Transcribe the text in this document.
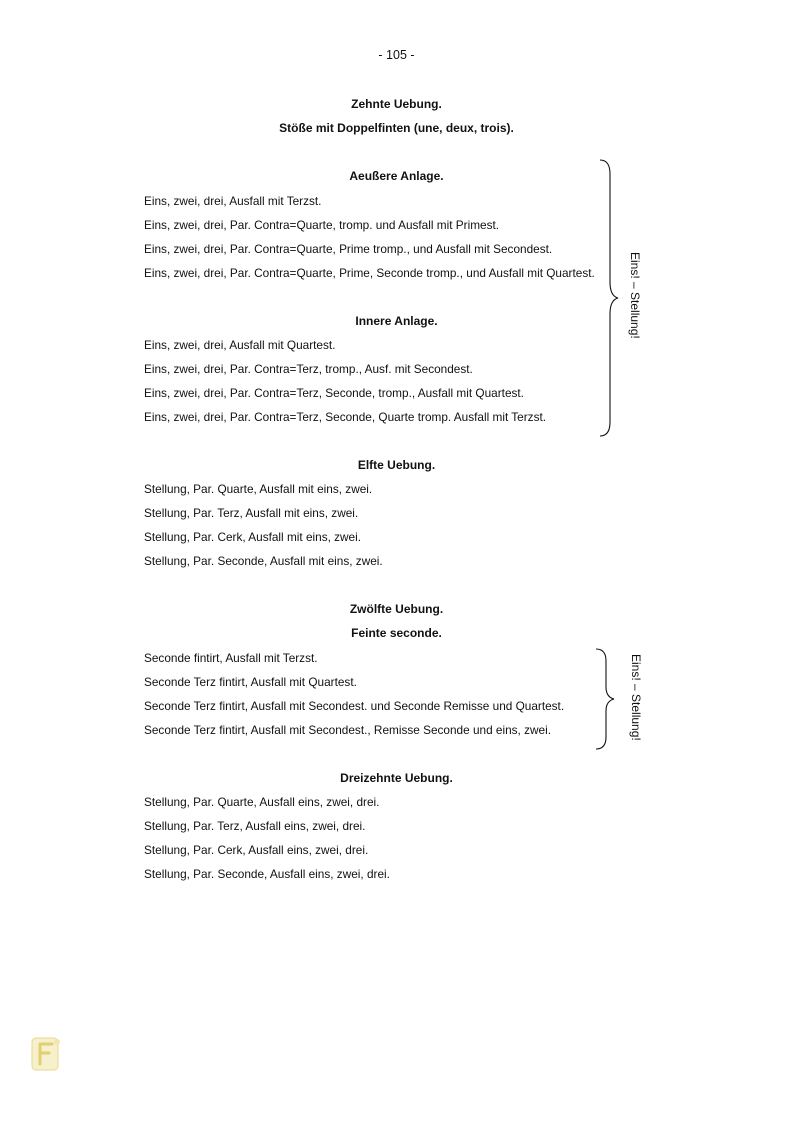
- 105 -
Zehnte Uebung.
Stöße mit Doppelfinten (une, deux, trois).
Aeußere Anlage.
Eins, zwei, drei, Ausfall mit Terzst.
Eins, zwei, drei, Par. Contra=Quarte, tromp. und Ausfall mit Primest.
Eins, zwei, drei, Par. Contra=Quarte, Prime tromp., und Ausfall mit Secondest.
Eins, zwei, drei, Par. Contra=Quarte, Prime, Seconde tromp., und Ausfall mit Quartest.
Innere Anlage.
Eins, zwei, drei, Ausfall mit Quartest.
Eins, zwei, drei, Par. Contra=Terz, tromp., Ausf. mit Secondest.
Eins, zwei, drei, Par. Contra=Terz, Seconde, tromp., Ausfall mit Quartest.
Eins, zwei, drei, Par. Contra=Terz, Seconde, Quarte tromp. Ausfall mit Terzst.
Eins! – Stellung!
Elfte Uebung.
Stellung, Par. Quarte, Ausfall mit eins, zwei.
Stellung, Par. Terz, Ausfall mit eins, zwei.
Stellung, Par. Cerk, Ausfall mit eins, zwei.
Stellung, Par. Seconde, Ausfall mit eins, zwei.
Zwölfte Uebung.
Feinte seconde.
Seconde fintirt, Ausfall mit Terzst.
Seconde Terz fintirt, Ausfall mit Quartest.
Seconde Terz fintirt, Ausfall mit Secondest. und Seconde Remisse und Quartest.
Seconde Terz fintirt, Ausfall mit Secondest., Remisse Seconde und eins, zwei.	Eins! – Stellung!
Dreizehnte Uebung.
Stellung, Par. Quarte, Ausfall eins, zwei, drei.
Stellung, Par. Terz, Ausfall eins, zwei, drei.
Stellung, Par. Cerk, Ausfall eins, zwei, drei.
Stellung, Par. Seconde, Ausfall eins, zwei, drei.
